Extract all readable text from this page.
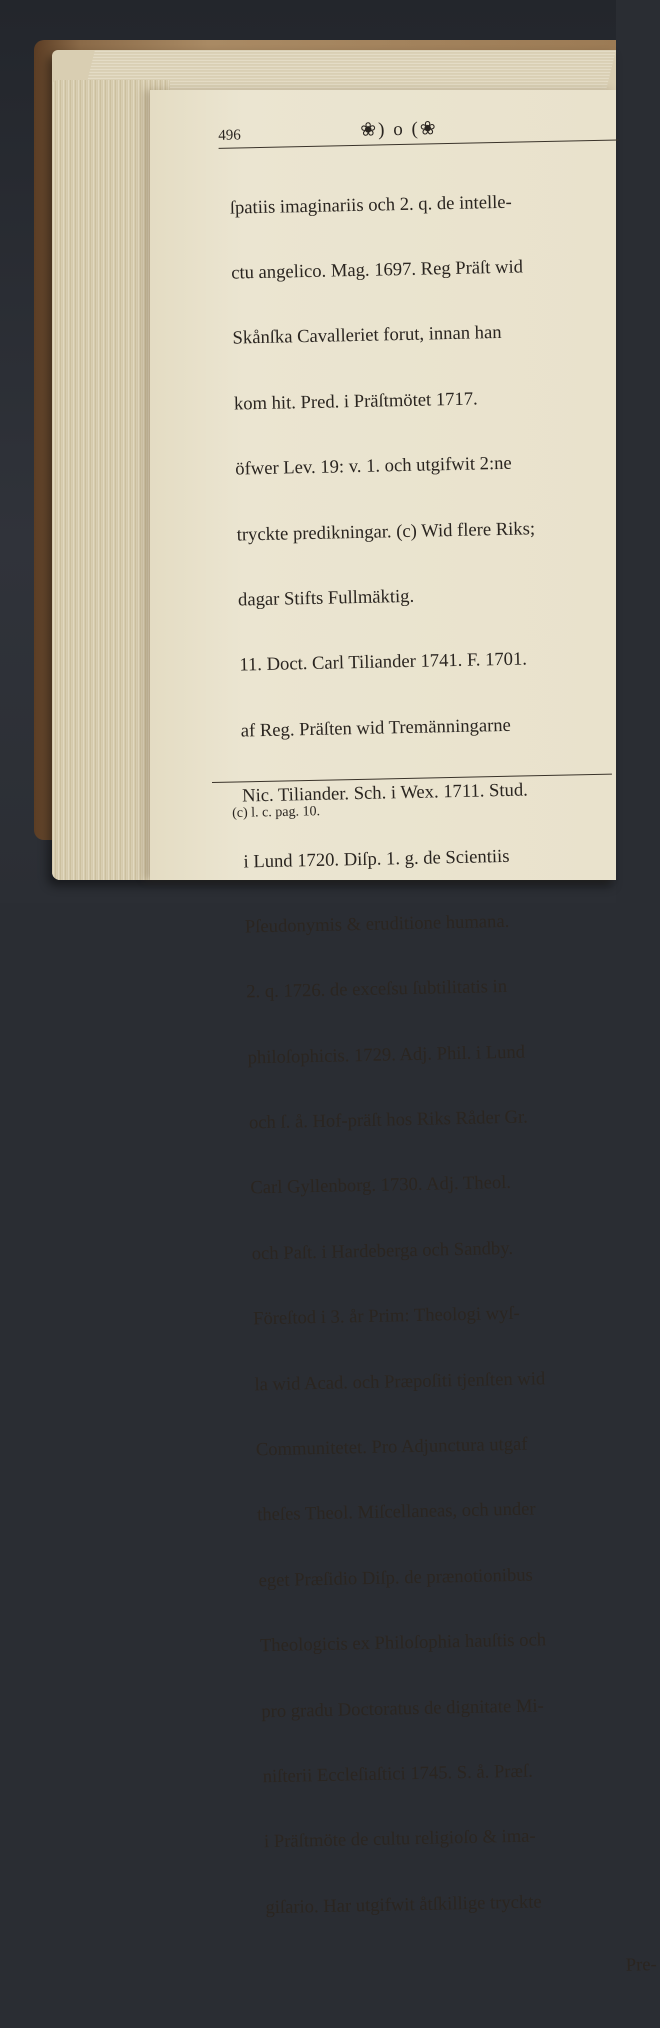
496	❀) o (❀

ſpatiis imaginariis och 2. q. de intelle-

ctu angelico. Mag. 1697. Reg Präſt wid

Skånſka Cavalleriet forut, innan han

kom hit. Pred. i Präſtmötet 1717.

öfwer Lev. 19: v. 1. och utgifwit 2:ne

tryckte predikningar. (c) Wid flere Riks;

dagar Stifts Fullmäktig.

11. Doct. Carl Tiliander 1741. F. 1701.

af Reg. Präſten wid Tremänningarne

Nic. Tiliander. Sch. i Wex. 1711. Stud.

i Lund 1720. Diſp. 1. g. de Scientiis

Pſeudonymis & eruditione humana.

2. q. 1726. de exceſsu ſubtilitatis in

philoſophicis. 1729. Adj. Phil. i Lund

och ſ. å. Hof-präſt hos Riks Råder Gr.

Carl Gyllenborg. 1730. Adj. Theol.

och Paſt. i Hardeberga och Sandby.

Föreſtod i 3. år Prim: Theologi wyſ-

la wid Acad. och Præpoſiti tjenſten wid

Communitetet. Pro Adjunctura utgaf

theſes Theol. Miſcellaneas, och under

eget Præſidio Diſp. de prænotionibus

Theologicis ex Philoſophia hauſtis och

pro gradu Doctoratus de dignitate Mi-

niſterii Eccleſiaſtici 1745. S. å. Præſ.

i Präſtmöte de cultu religioſo & ima-

giſario. Har utgifwit åtſkillige tryckte

Pre-

(c) l. c. pag. 10.
